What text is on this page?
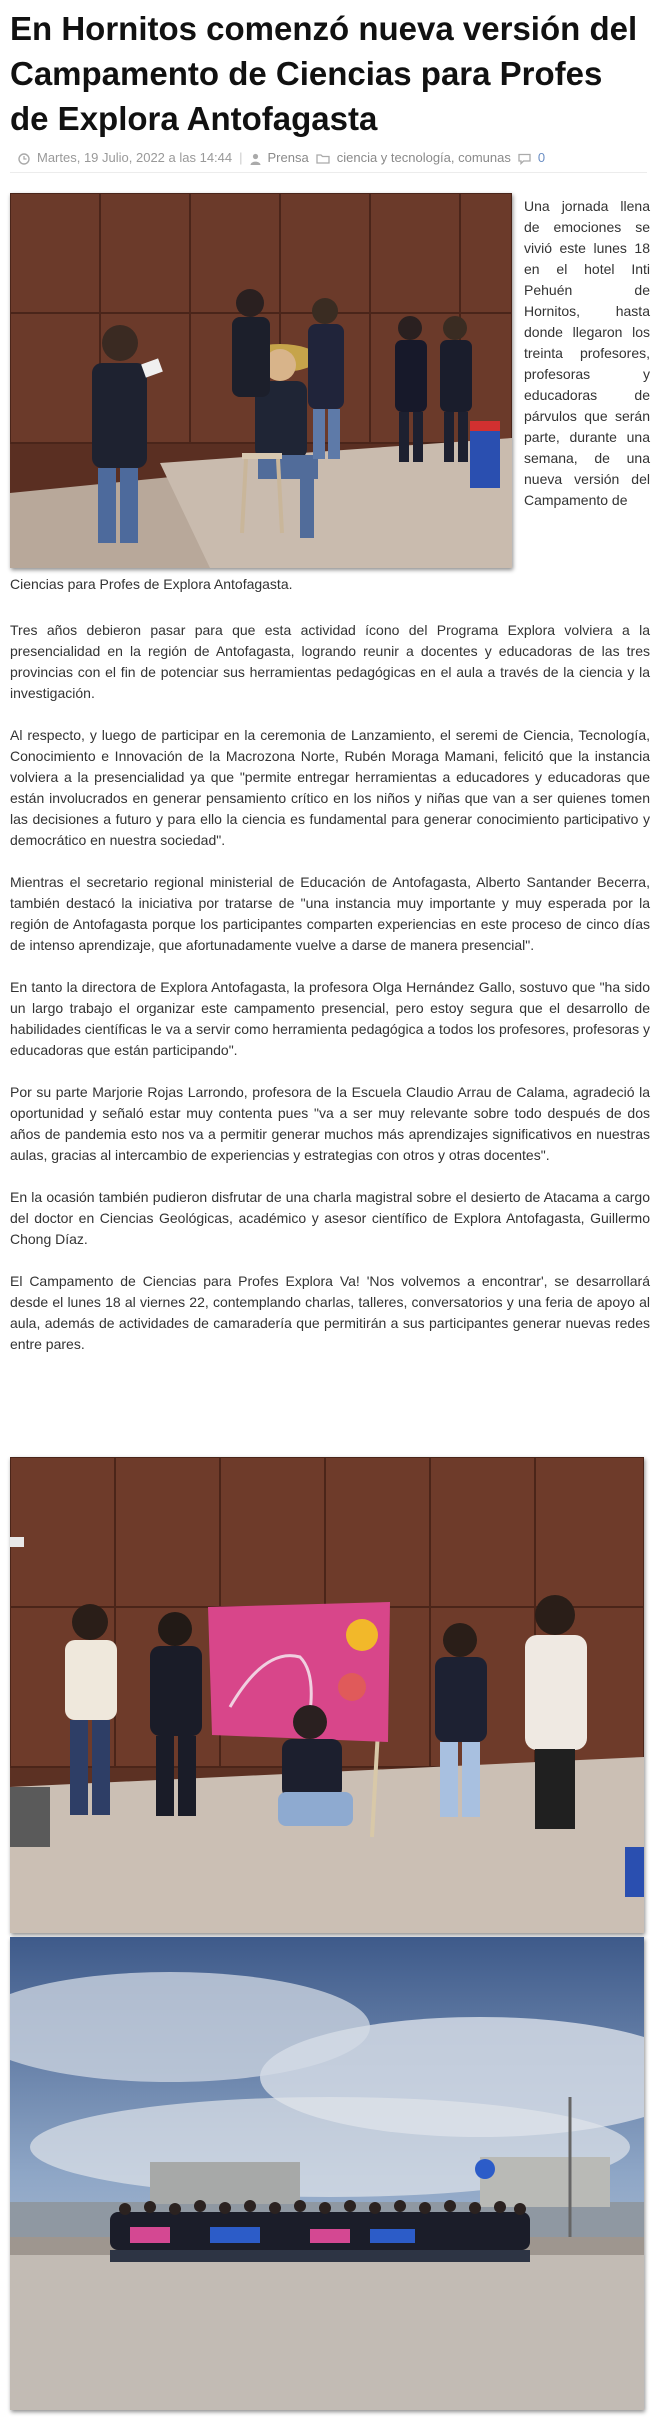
En Hornitos comenzó nueva versión del Campamento de Ciencias para Profes de Explora Antofagasta
Martes, 19 Julio, 2022 a las 14:44 | Prensa ciencia y tecnología, comunas 0

Una jornada llena de emociones se vivió este lunes 18 en el hotel Inti Pehuén de Hornitos, hasta donde llegaron los treinta profesores, profesoras y educadoras de párvulos que serán parte, durante una semana, de una nueva versión del Campamento de

Ciencias para Profes de Explora Antofagasta.

Tres años debieron pasar para que esta actividad ícono del Programa Explora volviera a la presencialidad en la región de Antofagasta, logrando reunir a docentes y educadoras de las tres provincias con el fin de potenciar sus herramientas pedagógicas en el aula a través de la ciencia y la investigación.

Al respecto, y luego de participar en la ceremonia de Lanzamiento, el seremi de Ciencia, Tecnología, Conocimiento e Innovación de la Macrozona Norte, Rubén Moraga Mamani, felicitó que la instancia volviera a la presencialidad ya que "permite entregar herramientas a educadores y educadoras que están involucrados en generar pensamiento crítico en los niños y niñas que van a ser quienes tomen las decisiones a futuro y para ello la ciencia es fundamental para generar conocimiento participativo y democrático en nuestra sociedad".

Mientras el secretario regional ministerial de Educación de Antofagasta, Alberto Santander Becerra, también destacó la iniciativa por tratarse de "una instancia muy importante y muy esperada por la región de Antofagasta porque los participantes comparten experiencias en este proceso de cinco días de intenso aprendizaje, que afortunadamente vuelve a darse de manera presencial".

En tanto la directora de Explora Antofagasta, la profesora Olga Hernández Gallo, sostuvo que "ha sido un largo trabajo el organizar este campamento presencial, pero estoy segura que el desarrollo de habilidades científicas le va a servir como herramienta pedagógica a todos los profesores, profesoras y educadoras que están participando".

Por su parte Marjorie Rojas Larrondo, profesora de la Escuela Claudio Arrau de Calama, agradeció la oportunidad y señaló estar muy contenta pues "va a ser muy relevante sobre todo después de dos años de pandemia esto nos va a permitir generar muchos más aprendizajes significativos en nuestras aulas, gracias al intercambio de experiencias y estrategias con otros y otras docentes".

En la ocasión también pudieron disfrutar de una charla magistral sobre el desierto de Atacama a cargo del doctor en Ciencias Geológicas, académico y asesor científico de Explora Antofagasta, Guillermo Chong Díaz.

El Campamento de Ciencias para Profes Explora Va! 'Nos volvemos a encontrar', se desarrollará desde el lunes 18 al viernes 22, contemplando charlas, talleres, conversatorios y una feria de apoyo al aula, además de actividades de camaradería que permitirán a sus participantes generar nuevas redes entre pares.
